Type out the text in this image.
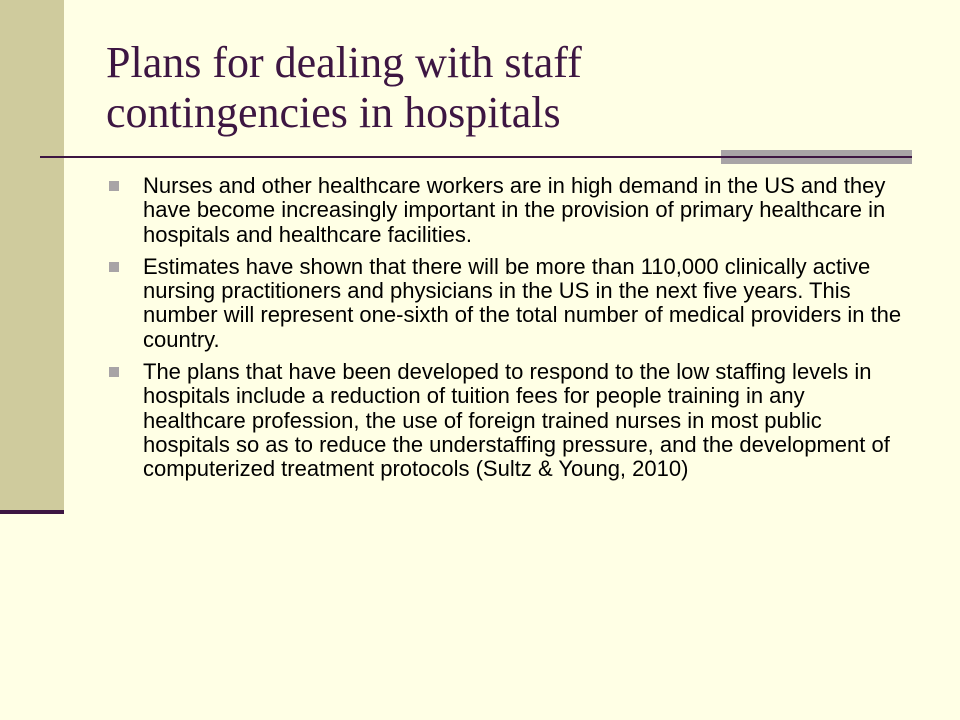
Plans for dealing with staff
contingencies in hospitals
Nurses and other healthcare workers are in high demand in the US and they have become increasingly important in the provision of primary healthcare in hospitals and healthcare facilities.
Estimates have shown that there will be more than 110,000 clinically active nursing practitioners and physicians in the US in the next five years. This number will represent one-sixth of the total number of medical providers in the country.
The plans that have been developed to respond to the low staffing levels in hospitals include a reduction of tuition fees for people training in any healthcare profession, the use of foreign trained nurses in most public hospitals so as to reduce the understaffing pressure, and the development of computerized treatment protocols (Sultz & Young, 2010)
